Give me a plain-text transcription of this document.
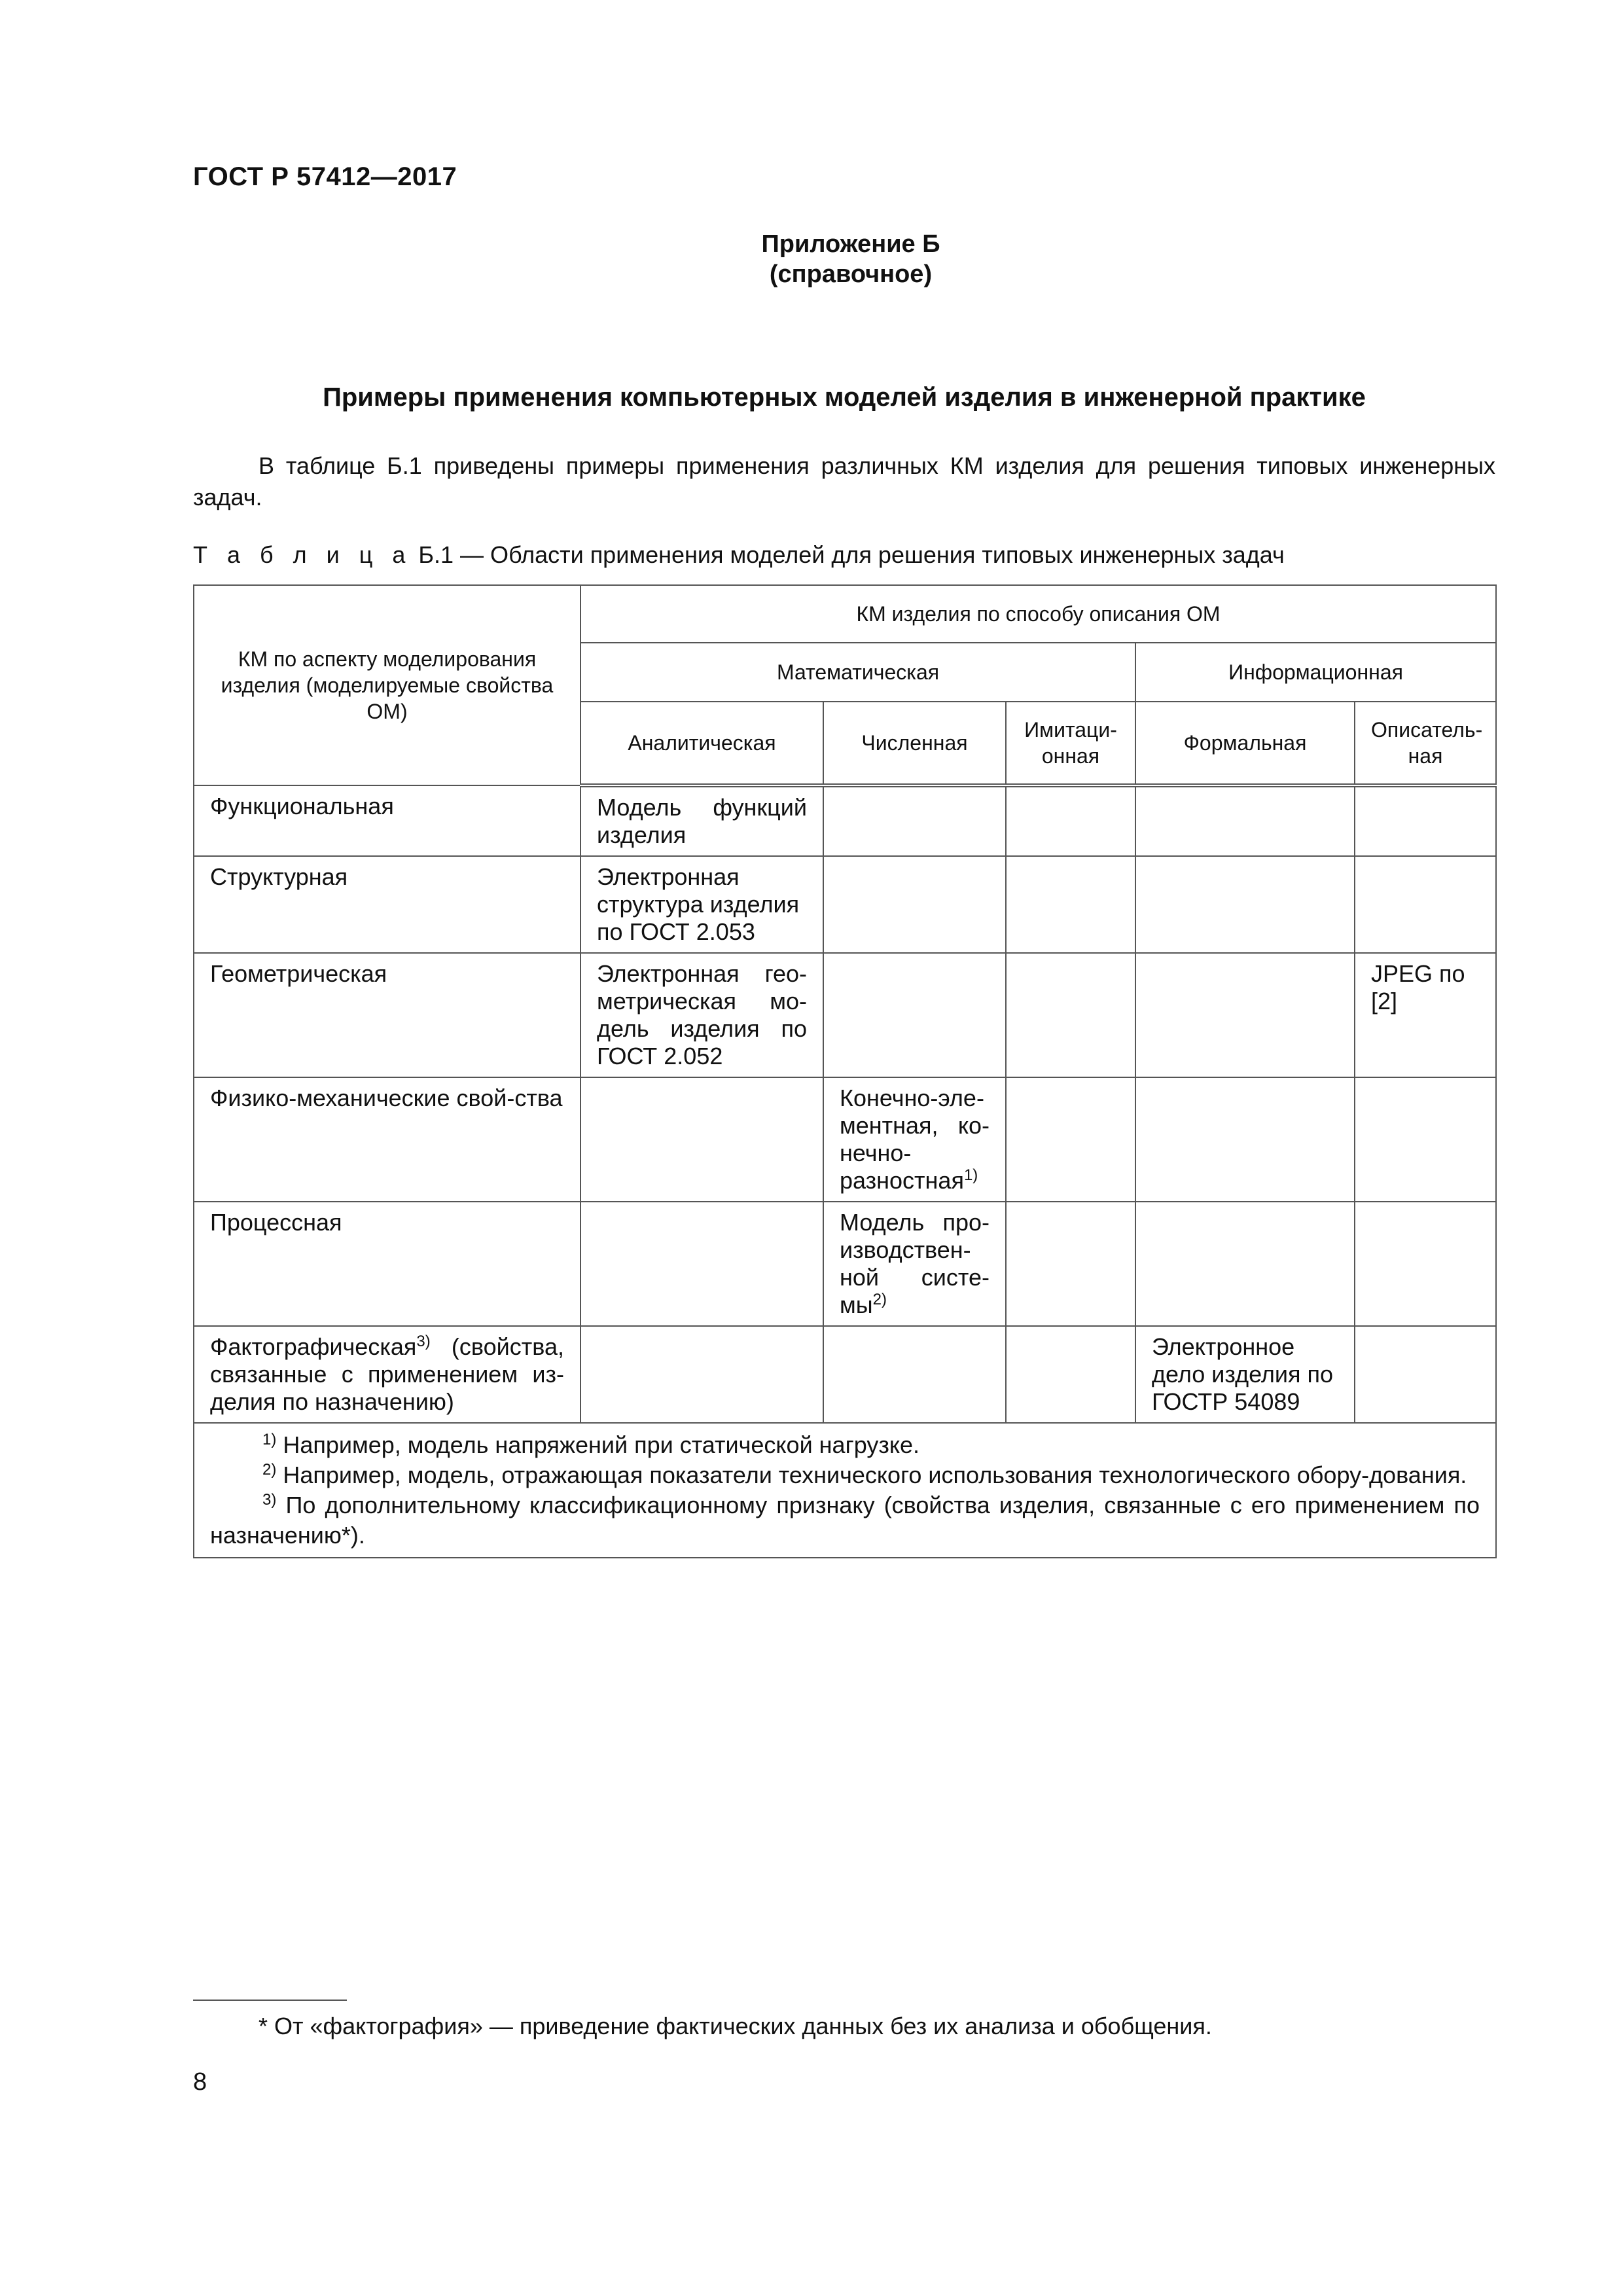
ГОСТ Р 57412—2017
Приложение Б
(справочное)
Примеры применения компьютерных моделей изделия в инженерной практике

В таблице Б.1 приведены примеры применения различных КМ изделия для решения типовых инженерных задач.

Т а б л и ц а Б.1 — Области применения моделей для решения типовых инженерных задач
КМ по аспекту моделирования изделия (моделируемые свойства ОМ)	КМ изделия по способу описания ОМ				
	Математическая			Информационная	
	Аналитическая	Численная	Имитаци-онная	Формальная	Описатель-ная
Функциональная	Модель функций изделия				
Структурная	Электронная структура изделия по ГОСТ 2.053				
Геометрическая	Электронная гео-метрическая мо-дель изделия по ГОСТ 2.052				JPEG по [2]
Физико-механические свой-ства		Конечно-эле-ментная, ко-нечно-разностная$^{1)}$			
Процессная		Модель про-изводствен-ной систе-$мы^{2)}$			
Фактографическая$^{3)}$ (свойства, связанные с применением из-делия по назначению)				Электронное дело изделия по ГОСТР 54089	

$^{1)}$ Например, модель напряжений при статической нагрузке.
$^{2)}$ Например, модель, отражающая показатели технического использования технологического обору-дования.
$^{3)}$ По дополнительному классификационному признаку (свойства изделия, связанные с его применением по назначению*).					
* От «фактография» — приведение фактических данных без их анализа и обобщения.
8
